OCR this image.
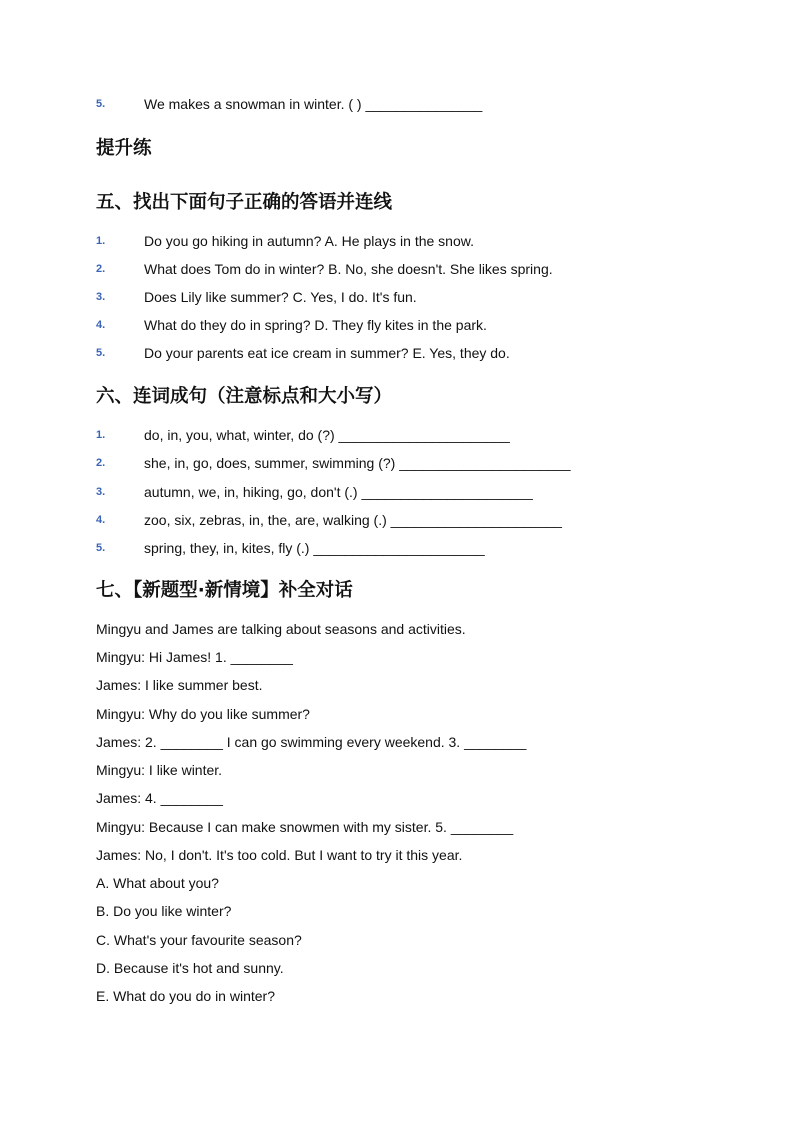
5.	We makes a snowman in winter. ( ) _______________
提升练
五、找出下面句子正确的答语并连线
1.	Do you go hiking in autumn? A. He plays in the snow.
2.	What does Tom do in winter? B. No, she doesn't. She likes spring.
3.	Does Lily like summer? C. Yes, I do. It's fun.
4.	What do they do in spring? D. They fly kites in the park.
5.	Do your parents eat ice cream in summer? E. Yes, they do.
六、连词成句（注意标点和大小写）
1.	do, in, you, what, winter, do (?) ______________________
2.	she, in, go, does, summer, swimming (?) ______________________
3.	autumn, we, in, hiking, go, don't (.) ______________________
4.	zoo, six, zebras, in, the, are, walking (.) ______________________
5.	spring, they, in, kites, fly (.) ______________________
七、【新题型·新情境】补全对话
Mingyu and James are talking about seasons and activities.
Mingyu: Hi James! 1. ________
James: I like summer best.
Mingyu: Why do you like summer?
James: 2. ________ I can go swimming every weekend. 3. ________
Mingyu: I like winter.
James: 4. ________
Mingyu: Because I can make snowmen with my sister. 5. ________
James: No, I don't. It's too cold. But I want to try it this year.
A. What about you?
B. Do you like winter?
C. What's your favourite season?
D. Because it's hot and sunny.
E. What do you do in winter?
